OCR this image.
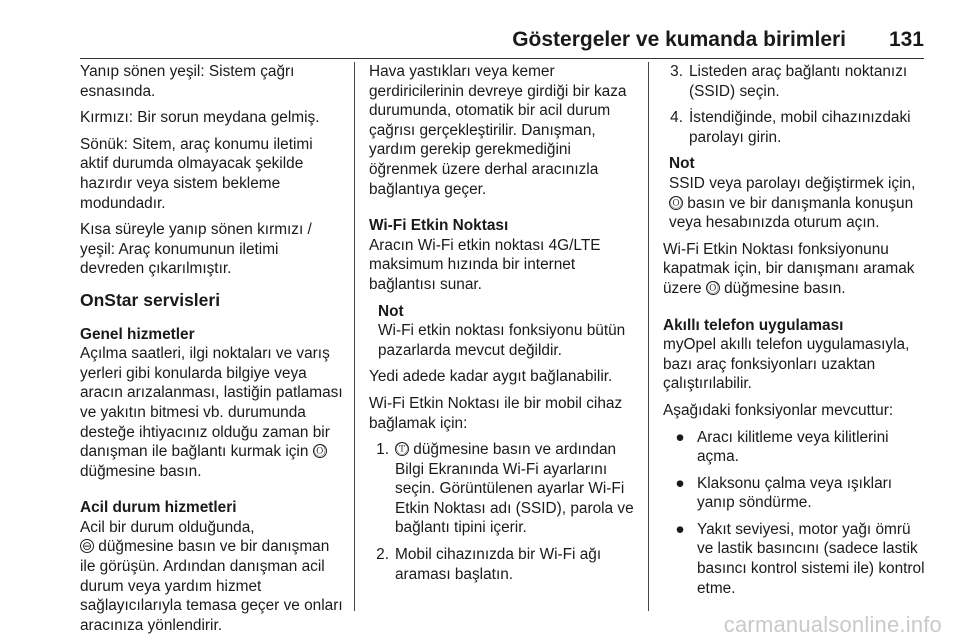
Göstergeler ve kumanda birimleri 131

Yanıp sönen yeşil: Sistem çağrı esnasında.

Kırmızı: Bir sorun meydana gelmiş.

Sönük: Sitem, araç konumu iletimi aktif durumda olmayacak şekilde hazırdır veya sistem bekleme modundadır.

Kısa süreyle yanıp sönen kırmızı / yeşil: Araç konumunun iletimi devreden çıkarılmıştır.

OnStar servisleri
Genel hizmetler

Açılma saatleri, ilgi noktaları ve varış yerleri gibi konularda bilgiye veya aracın arızalanması, lastiğin patlaması ve yakıtın bitmesi vb. durumunda desteğe ihtiyacınız olduğu zaman bir danışman ile bağlantı kurmak için Ⓞ düğmesine basın.

Acil durum hizmetleri

Acil bir durum olduğunda,
⊖ düğmesine basın ve bir danışman ile görüşün. Ardından danışman acil durum veya yardım hizmet sağlayıcılarıyla temasa geçer ve onları aracınıza yönlendirir.

Hava yastıkları veya kemer gerdiricilerinin devreye girdiği bir kaza durumunda, otomatik bir acil durum çağrısı gerçekleştirilir. Danışman, yardım gerekip gerekmediğini öğrenmek üzere derhal aracınızla bağlantıya geçer.

Wi-Fi Etkin Noktası

Aracın Wi-Fi etkin noktası 4G/LTE maksimum hızında bir internet bağlantısı sunar.

Not
Wi-Fi etkin noktası fonksiyonu bütün pazarlarda mevcut değildir.

Yedi adede kadar aygıt bağlanabilir.

Wi-Fi Etkin Noktası ile bir mobil cihaz bağlamak için:

1. Ⓣ düğmesine basın ve ardından Bilgi Ekranında Wi-Fi ayarlarını seçin. Görüntülenen ayarlar Wi-Fi Etkin Noktası adı (SSID), parola ve bağlantı tipini içerir.
2. Mobil cihazınızda bir Wi-Fi ağı araması başlatın.
3. Listeden araç bağlantı noktanızı (SSID) seçin.
4. İstendiğinde, mobil cihazınızdaki parolayı girin.
Not
SSID veya parolayı değiştirmek için,
Ⓞ basın ve bir danışmanla konuşun veya hesabınızda oturum açın.

Wi-Fi Etkin Noktası fonksiyonunu kapatmak için, bir danışmanı aramak üzere Ⓞ düğmesine basın.

Akıllı telefon uygulaması

myOpel akıllı telefon uygulamasıyla, bazı araç fonksiyonları uzaktan çalıştırılabilir.

Aşağıdaki fonksiyonlar mevcuttur:

● Aracı kilitleme veya kilitlerini açma.
● Klaksonu çalma veya ışıkları yanıp söndürme.
● Yakıt seviyesi, motor yağı ömrü ve lastik basıncını (sadece lastik basıncı kontrol sistemi ile) kontrol etme.
carmanualsonline.info
